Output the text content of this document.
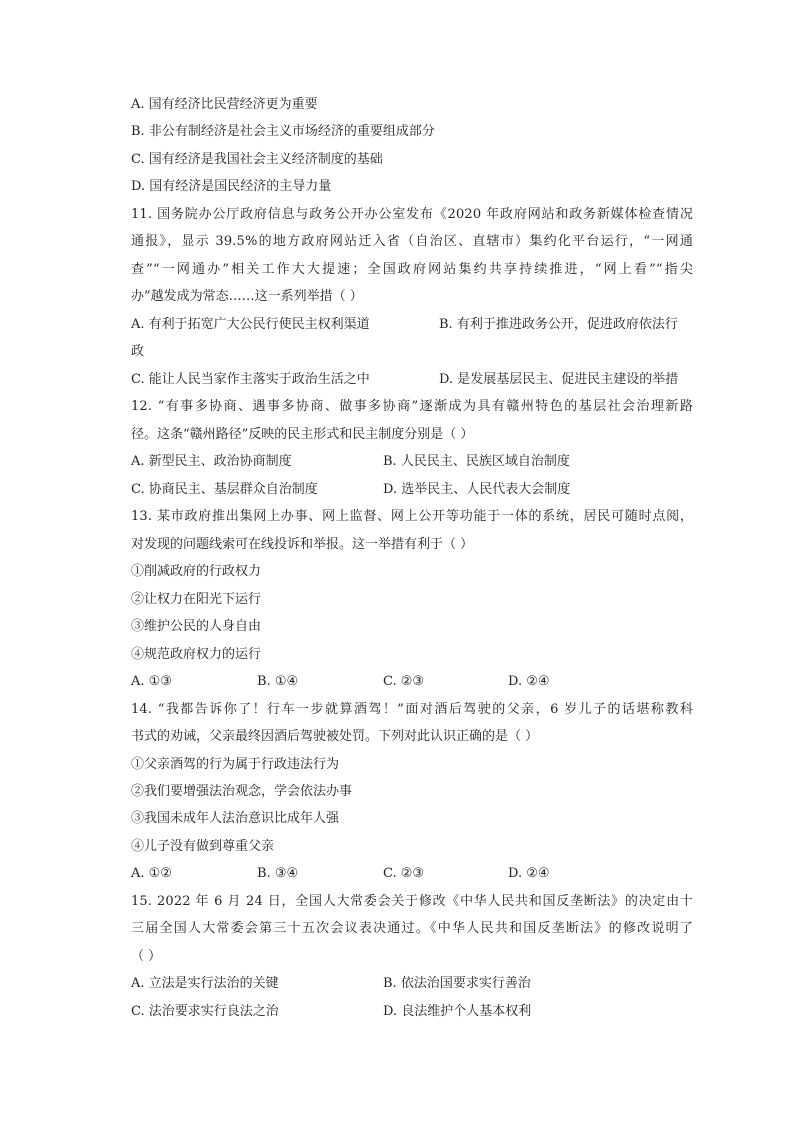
A. 国有经济比民营经济更为重要
B. 非公有制经济是社会主义市场经济的重要组成部分
C. 国有经济是我国社会主义经济制度的基础
D. 国有经济是国民经济的主导力量
11. 国务院办公厅政府信息与政务公开办公室发布《2020 年政府网站和政务新媒体检查情况
通报》，显示 39.5%的地方政府网站迁入省（自治区、直辖市）集约化平台运行，“一网通
查”“一网通办”相关工作大大提速；全国政府网站集约共享持续推进，“网上看”“指尖
办”越发成为常态……这一系列举措（ ）
A. 有利于拓宽广大公民行使民主权利渠道	B. 有利于推进政务公开，促进政府依法行
政
C. 能让人民当家作主落实于政治生活之中	D. 是发展基层民主、促进民主建设的举措
12. “有事多协商、遇事多协商、做事多协商”逐渐成为具有赣州特色的基层社会治理新路
径。这条“赣州路径”反映的民主形式和民主制度分别是（ ）
A. 新型民主、政治协商制度	B. 人民民主、民族区域自治制度
C. 协商民主、基层群众自治制度	D. 选举民主、人民代表大会制度
13. 某市政府推出集网上办事、网上监督、网上公开等功能于一体的系统，居民可随时点阅，
对发现的问题线索可在线投诉和举报。这一举措有利于（ ）
①削减政府的行政权力
②让权力在阳光下运行
③维护公民的人身自由
④规范政府权力的运行
A. ①③	B. ①④	C. ②③	D. ②④
14. “我都告诉你了！行车一步就算酒驾！”面对酒后驾驶的父亲，6 岁儿子的话堪称教科
书式的劝诫，父亲最终因酒后驾驶被处罚。下列对此认识正确的是（ ）
①父亲酒驾的行为属于行政违法行为
②我们要增强法治观念，学会依法办事
③我国未成年人法治意识比成年人强
④儿子没有做到尊重父亲
A. ①②	B. ③④	C. ②③	D. ②④
15. 2022 年 6 月 24 日，全国人大常委会关于修改《中华人民共和国反垄断法》的决定由十
三届全国人大常委会第三十五次会议表决通过。《中华人民共和国反垄断法》的修改说明了
（ ）
A. 立法是实行法治的关键	B. 依法治国要求实行善治
C. 法治要求实行良法之治	D. 良法维护个人基本权利
